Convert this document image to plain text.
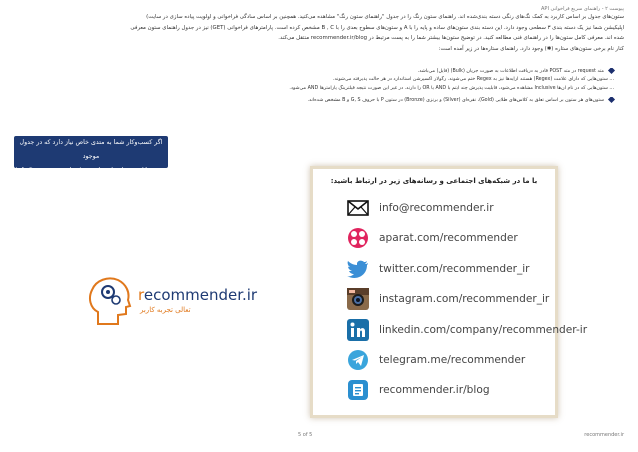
پیوست ۲ - راهنمای سریع فراخوانی API
ستون‌های جدول بر اساس کاربرد به کمک نگ‌های رنگی دسته بندی‌شده اند. راهنمای ستون رنگ را در جدول "راهنمای ستون رنگ" مشاهده می‌کنید. همچنین بر اساس سادگی فراخوانی و اولویت پیاده سازی در سایت)
اپلیکیشن شما نیز یک دسته بندی ۳ سطحی وجود دارد. این دسته بندی ستون‌های ساده و پایه را با A و ستون‌های سطوح بعدی را با B , C مشخص کرده است. پارامترهای فراخوانی (GET) نیز در جدول راهنمای ستون معرفی
شده اند. معرفی کامل ستون‌ها را در راهنمای فنی مطالعه کنید. در توضیح ستون‌ها بیشتر شما را به پست مرتبط در recommender.ir/blog منتقل می‌کند.
کنار نام برخی ستون‌های ستاره (✱) وجود دارد. راهنمای ستاره‌ها در زیر آمده است:
متد request در متد POST قادر به دریافت اطلاعات به صورت جریان (Bulk) (فایل) می‌باشد.
... ستون‌هایی که دارای علامت (Regex) هستند آرایه‌ها نیز به Regex ختم می‌شوند. رگولار اکسپرشن استاندارد در هر حالت پذیرفته می‌شوند.
... ستون‌هایی که در نام آن‌ها Inclusive مشاهده می‌شود، قابلیت پذیرش چند آیتم با AND یا OR را دارند. در غیر این صورت نتیجه فیلترینگ پارامترها AND می‌شود.
ستون‌های هر ستون بر اساس تعلق به کلاس‌های طلایی (Gold)، نقره‌ای (Silver) و برنزی (Bronze) در ستون P با حروف G, S و B مشخص شده‌اند.
اگر کسب‌وکار شما به متدی خاص نیاز دارد که در جدول موجود
نیست، کافیست از ما بخواهید : info@recommender.ir
recommender.ir
تعالی تجربه کاربر
با ما در شبکه‌های اجتماعی و رسانه‌های زیر در ارتباط باشید:
info@recommender.ir
aparat.com/recommender
twitter.com/recommender_ir
instagram.com/recommender_ir
linkedin.com/company/recommender-ir
telegram.me/recommender
recommender.ir/blog
5 of 5	recommender.ir
